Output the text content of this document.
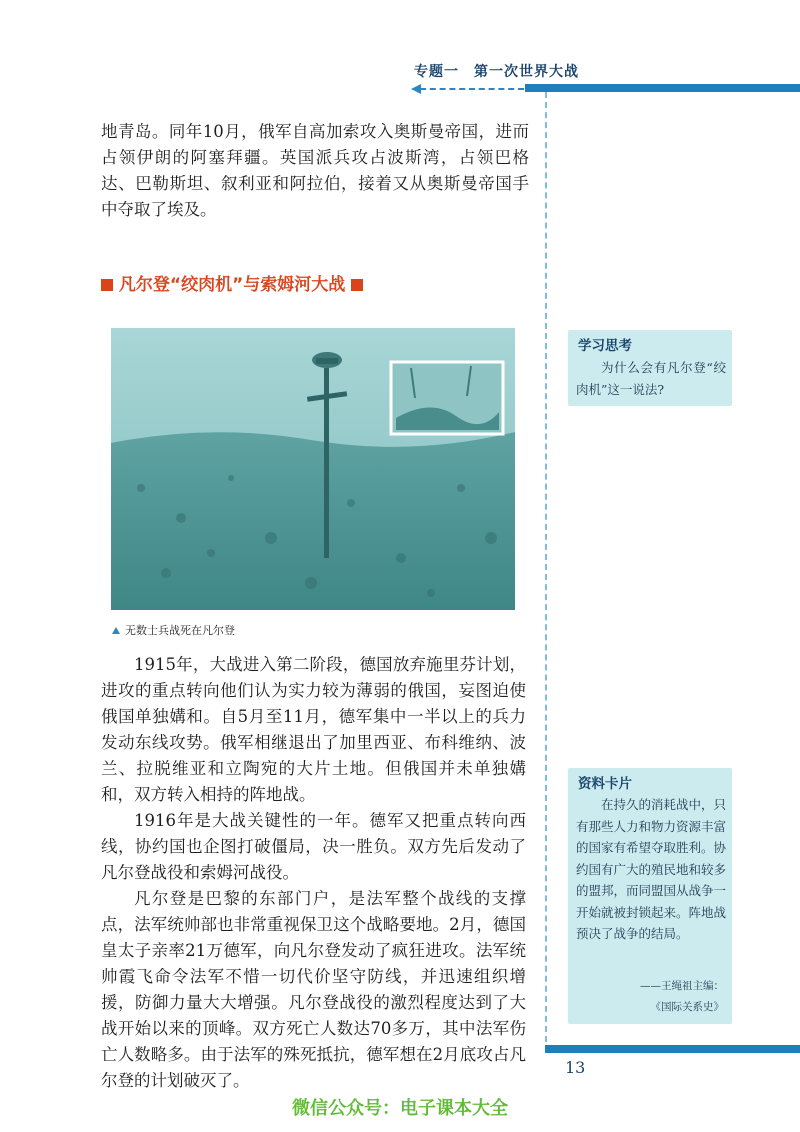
专题一　第一次世界大战

地青岛。同年10月，俄军自高加索攻入奥斯曼帝国，进而占领伊朗的阿塞拜疆。英国派兵攻占波斯湾，占领巴格达、巴勒斯坦、叙利亚和阿拉伯，接着又从奥斯曼帝国手中夺取了埃及。

凡尔登“绞肉机”与索姆河大战
无数士兵战死在凡尔登

1915年，大战进入第二阶段，德国放弃施里芬计划，进攻的重点转向他们认为实力较为薄弱的俄国，妄图迫使俄国单独媾和。自5月至11月，德军集中一半以上的兵力发动东线攻势。俄军相继退出了加里西亚、布科维纳、波兰、拉脱维亚和立陶宛的大片土地。但俄国并未单独媾和，双方转入相持的阵地战。

1916年是大战关键性的一年。德军又把重点转向西线，协约国也企图打破僵局，决一胜负。双方先后发动了凡尔登战役和索姆河战役。

凡尔登是巴黎的东部门户，是法军整个战线的支撑点，法军统帅部也非常重视保卫这个战略要地。2月，德国皇太子亲率21万德军，向凡尔登发动了疯狂进攻。法军统帅霞飞命令法军不惜一切代价坚守防线，并迅速组织增援，防御力量大大增强。凡尔登战役的激烈程度达到了大战开始以来的顶峰。双方死亡人数达70多万，其中法军伤亡人数略多。由于法军的殊死抵抗，德军想在2月底攻占凡尔登的计划破灭了。

学习思考

为什么会有凡尔登“绞肉机”这一说法?

资料卡片

在持久的消耗战中，只有那些人力和物力资源丰富的国家有希望夺取胜利。协约国有广大的殖民地和较多的盟邦，而同盟国从战争一开始就被封锁起来。阵地战预决了战争的结局。

——王绳祖主编：

《国际关系史》

13
微信公众号：电子课本大全
